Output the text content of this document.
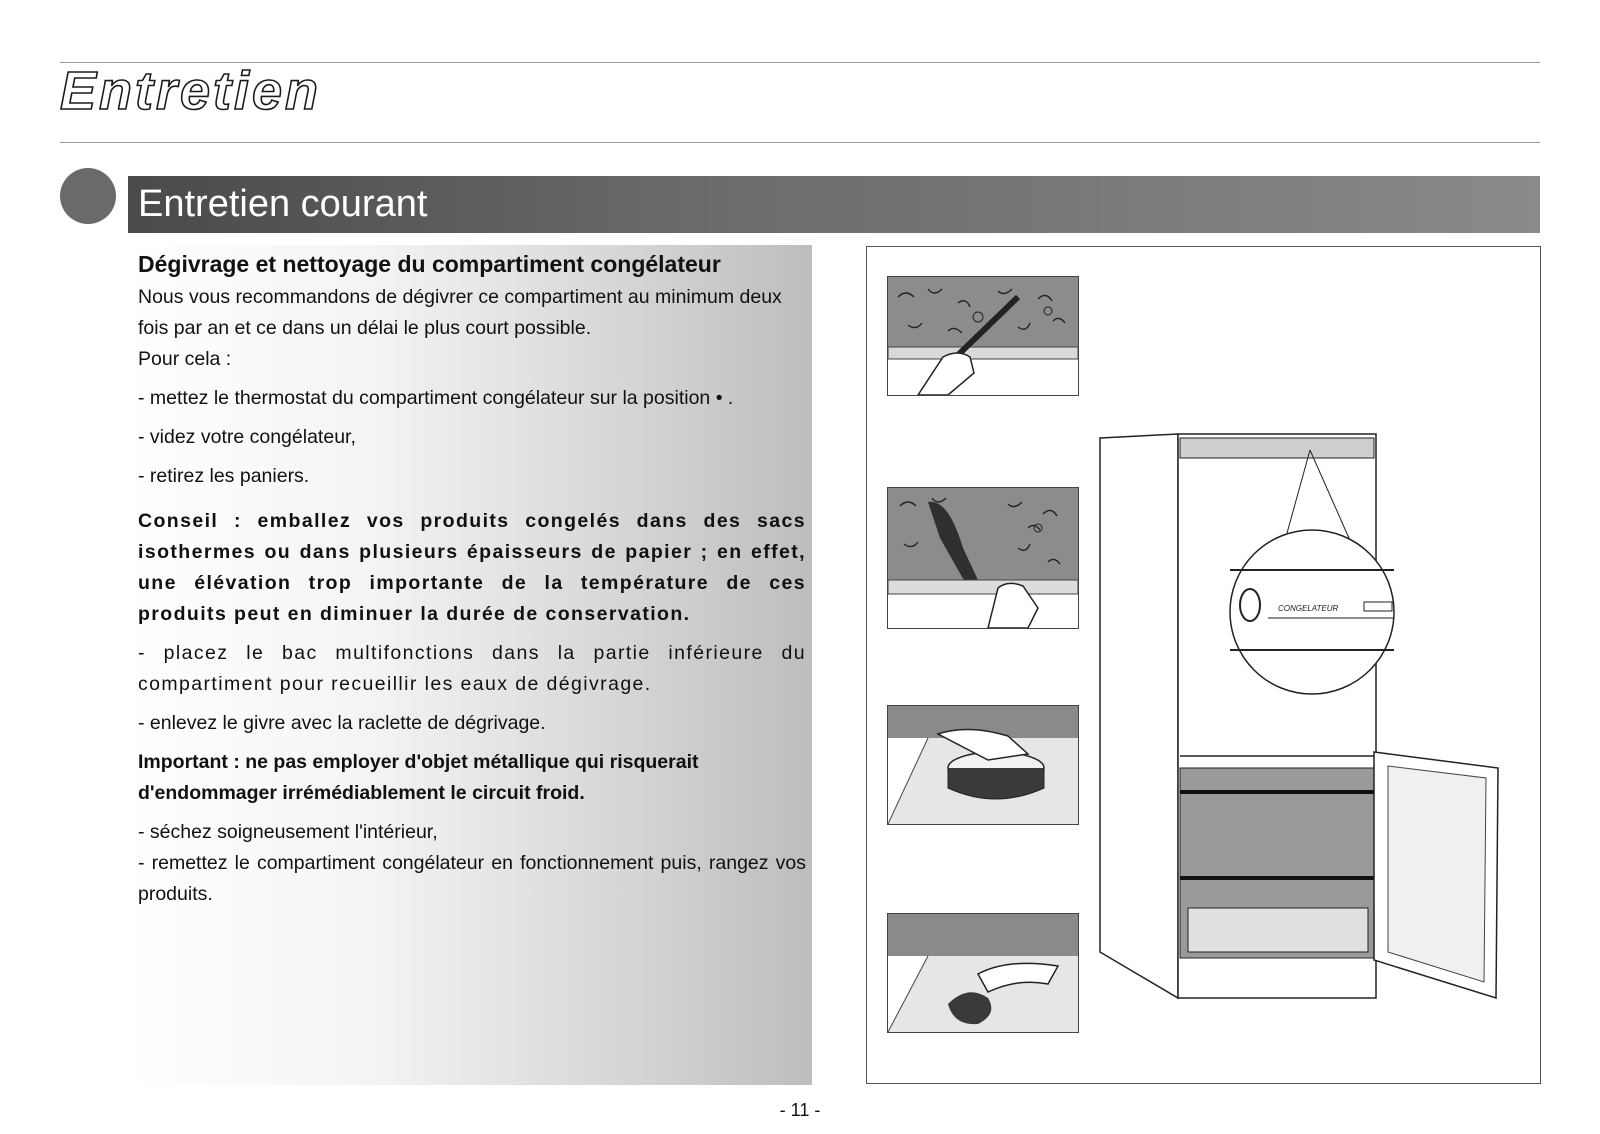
Entretien
Entretien courant

Dégivrage et nettoyage du compartiment congélateur

Nous vous recommandons de dégivrer ce compartiment au minimum deux fois par an et ce dans un délai le plus court possible.

Pour cela :

- mettez le thermostat du compartiment congélateur sur la position • .

- videz votre congélateur,

- retirez les paniers.

Conseil : emballez vos produits congelés dans des sacs isothermes ou dans plusieurs épaisseurs de papier ; en effet, une élévation trop importante de la température de ces produits peut en diminuer la durée de conservation.

- placez le bac multifonctions dans la partie inférieure du compartiment pour recueillir les eaux de dégivrage.

- enlevez le givre avec la raclette de dégrivage.

Important : ne pas employer d'objet métallique qui risquerait d'endommager irrémédiablement le circuit froid.

- séchez soigneusement l'intérieur,

- remettez le compartiment congélateur en fonctionnement puis, rangez vos produits.

CONGELATEUR
- 11 -
